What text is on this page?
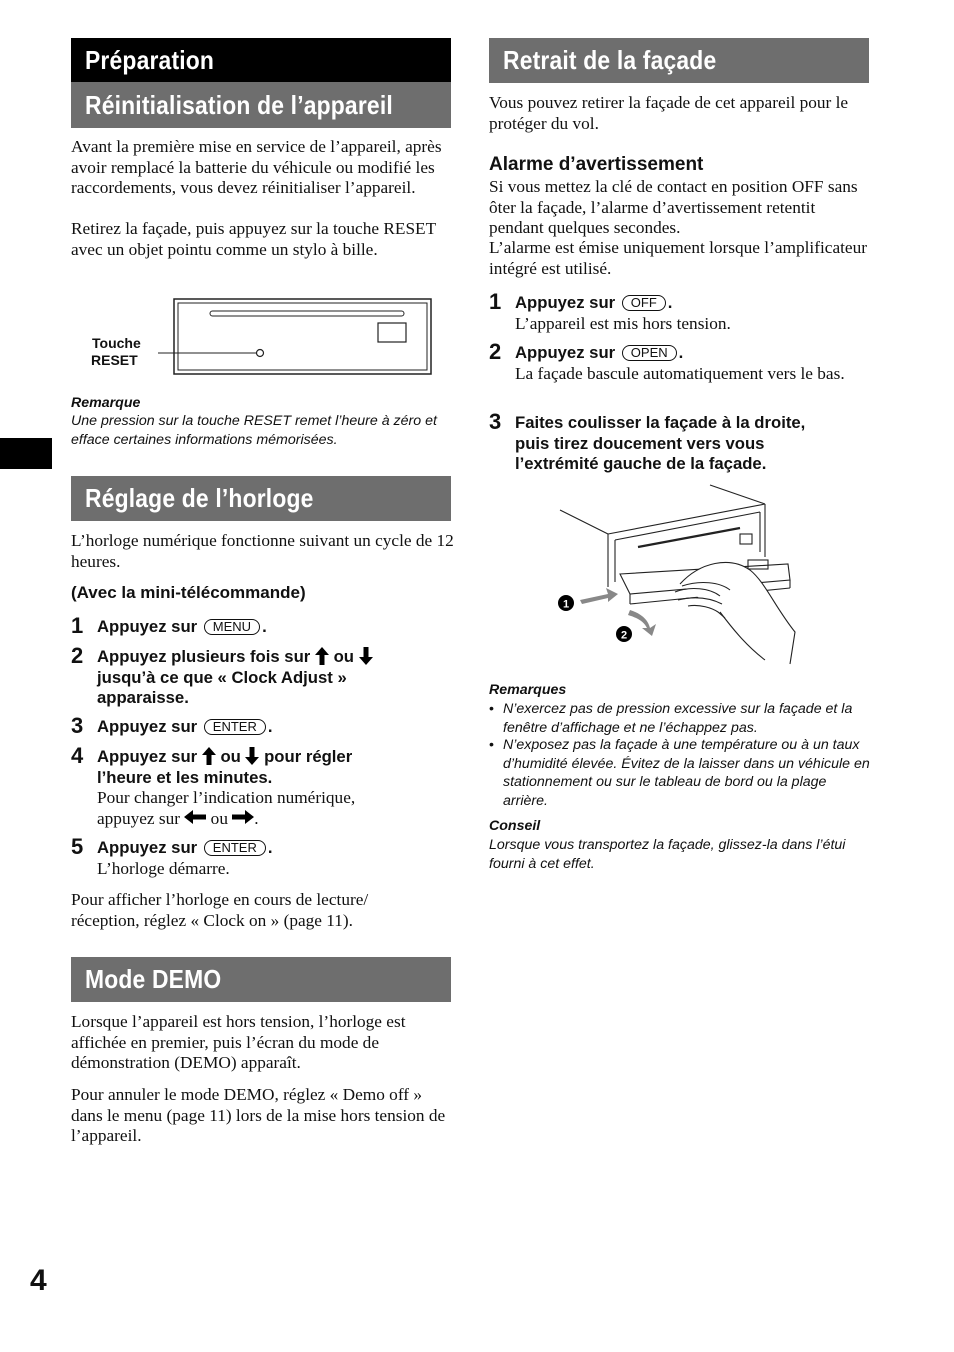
Préparation
Réinitialisation de l’appareil
Avant la première mise en service de l’appareil, après avoir remplacé la batterie du véhicule ou modifié les raccordements, vous devez réinitialiser l’appareil.
Retirez la façade, puis appuyez sur la touche RESET avec un objet pointu comme un stylo à bille.
Touche
RESET
Remarque
Une pression sur la touche RESET remet l’heure à zéro et efface certaines informations mémorisées.
Réglage de l’horloge
L’horloge numérique fonctionne suivant un cycle de 12 heures.
(Avec la mini-télécommande)
1 Appuyez sur MENU .
2 Appuyez plusieurs fois sur ou
jusqu’à ce que « Clock Adjust »
apparaisse.
3 Appuyez sur ENTER .
4 Appuyez sur ou pour régler
l’heure et les minutes.
Pour changer l’indication numérique,
appuyez sur ou .
5 Appuyez sur ENTER .
L’horloge démarre.
Pour afficher l’horloge en cours de lecture/ réception, réglez « Clock on » (page 11).
Mode DEMO
Lorsque l’appareil est hors tension, l’horloge est affichée en premier, puis l’écran du mode de démonstration (DEMO) apparaît.
Pour annuler le mode DEMO, réglez « Demo off » dans le menu (page 11) lors de la mise hors tension de l’appareil.
4
Retrait de la façade
Vous pouvez retirer la façade de cet appareil pour le protéger du vol.
Alarme d’avertissement
Si vous mettez la clé de contact en position OFF sans ôter la façade, l’alarme d’avertissement retentit pendant quelques secondes.
L’alarme est émise uniquement lorsque l’amplificateur intégré est utilisé.
1 Appuyez sur OFF .
L’appareil est mis hors tension.
2 Appuyez sur OPEN .
La façade bascule automatiquement vers le bas.
3 Faites coulisser la façade à la droite,
puis tirez doucement vers vous
l’extrémité gauche de la façade.
1
2
Remarques
• N’exercez pas de pression excessive sur la façade et la fenêtre d’affichage et ne l’échappez pas.
• N’exposez pas la façade à une température ou à un taux d’humidité élevée. Évitez de la laisser dans un véhicule en stationnement ou sur le tableau de bord ou la plage arrière.
Conseil
Lorsque vous transportez la façade, glissez-la dans l’étui fourni à cet effet.
